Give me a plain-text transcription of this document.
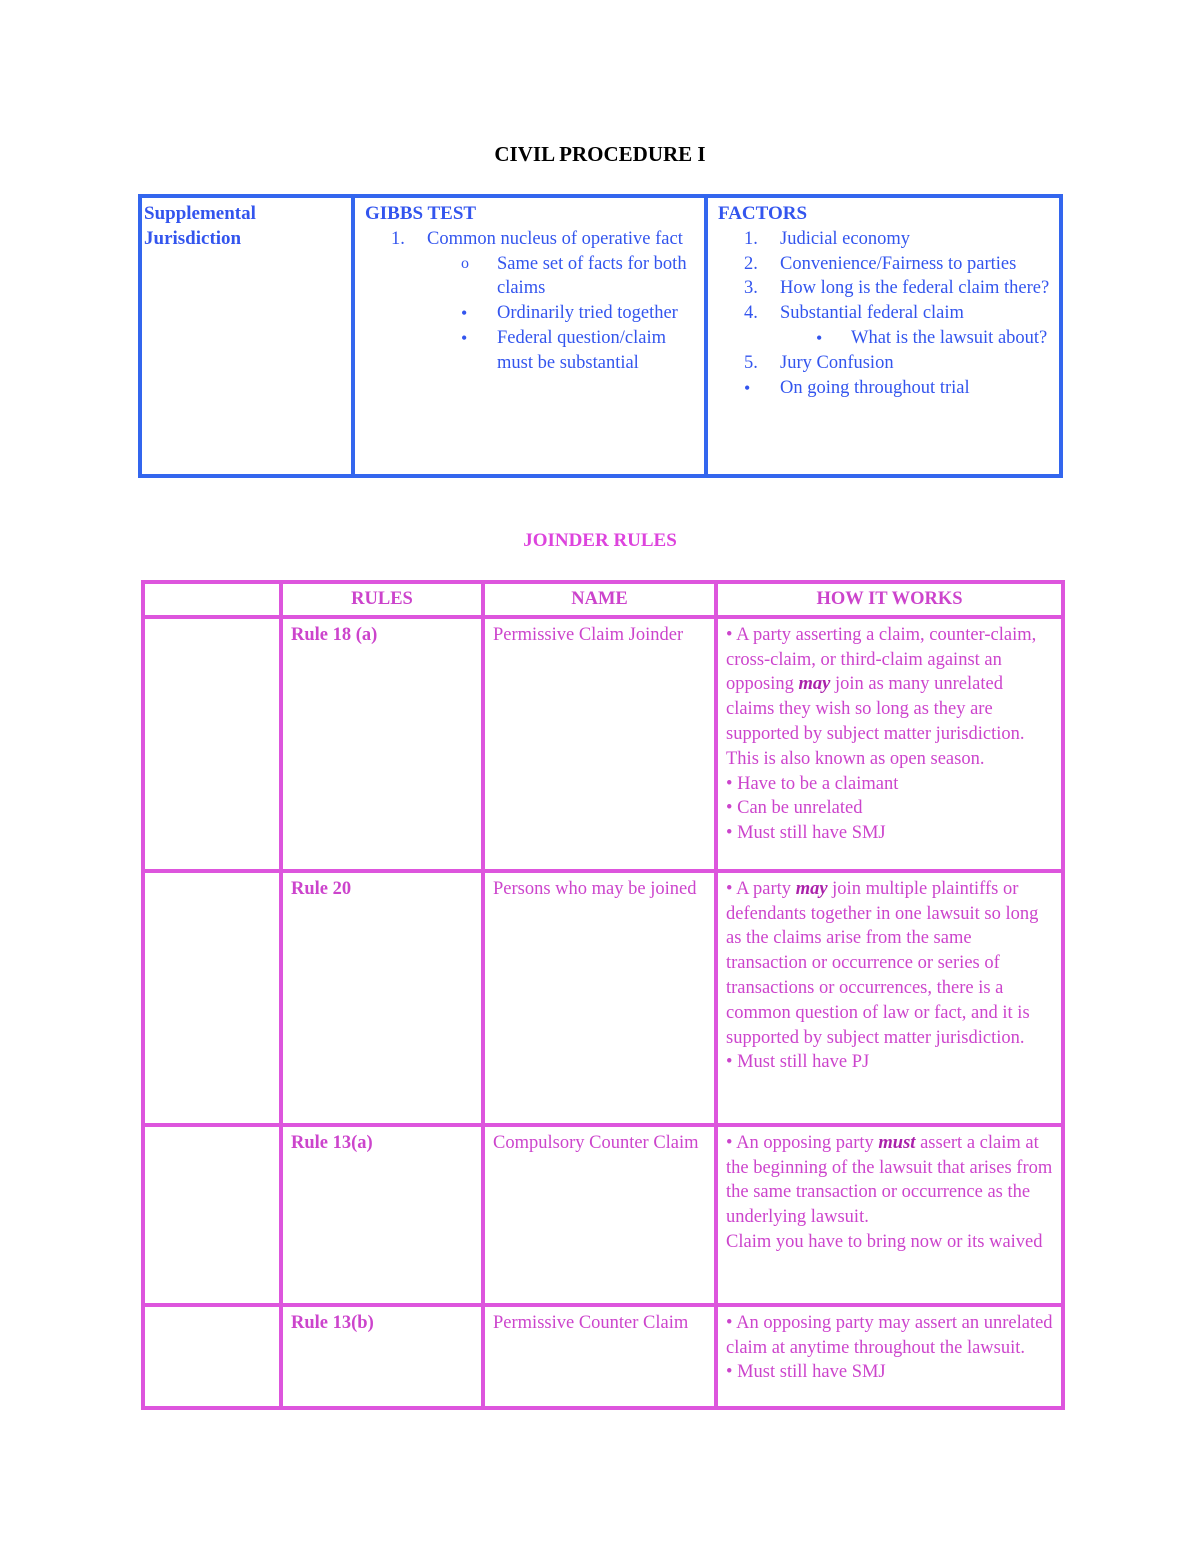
CIVIL PROCEDURE I
Supplemental Jurisdiction	
GIBBS TEST
1. Common nucleus of operative fact
o Same set of facts for both claims
• Ordinarily tried together
• Federal question/claim must be substantial

FACTORS
1. Judicial economy
2. Convenience/Fairness to parties
3. How long is the federal claim there?
4. Substantial federal claim
• What is the lawsuit about?
5. Jury Confusion
• On going throughout trial
JOINDER RULES
	RULES	NAME	HOW IT WORKS
	Rule 18 (a)	Permissive Claim Joinder	• A party asserting a claim, counter-claim, cross-claim, or third-claim against an opposing may join as many unrelated claims they wish so long as they are supported by subject matter jurisdiction. This is also known as open season.
• Have to be a claimant
• Can be unrelated
• Must still have SMJ

	Rule 20	Persons who may be joined	• A party may join multiple plaintiffs or defendants together in one lawsuit so long as the claims arise from the same transaction or occurrence or series of transactions or occurrences, there is a common question of law or fact, and it is supported by subject matter jurisdiction.
• Must still have PJ

	Rule 13(a)	Compulsory Counter Claim	• An opposing party must assert a claim at the beginning of the lawsuit that arises from the same transaction or occurrence as the underlying lawsuit.
Claim you have to bring now or its waived

	Rule 13(b)	Permissive Counter Claim	• An opposing party may assert an unrelated claim at anytime throughout the lawsuit.
• Must still have SMJ
